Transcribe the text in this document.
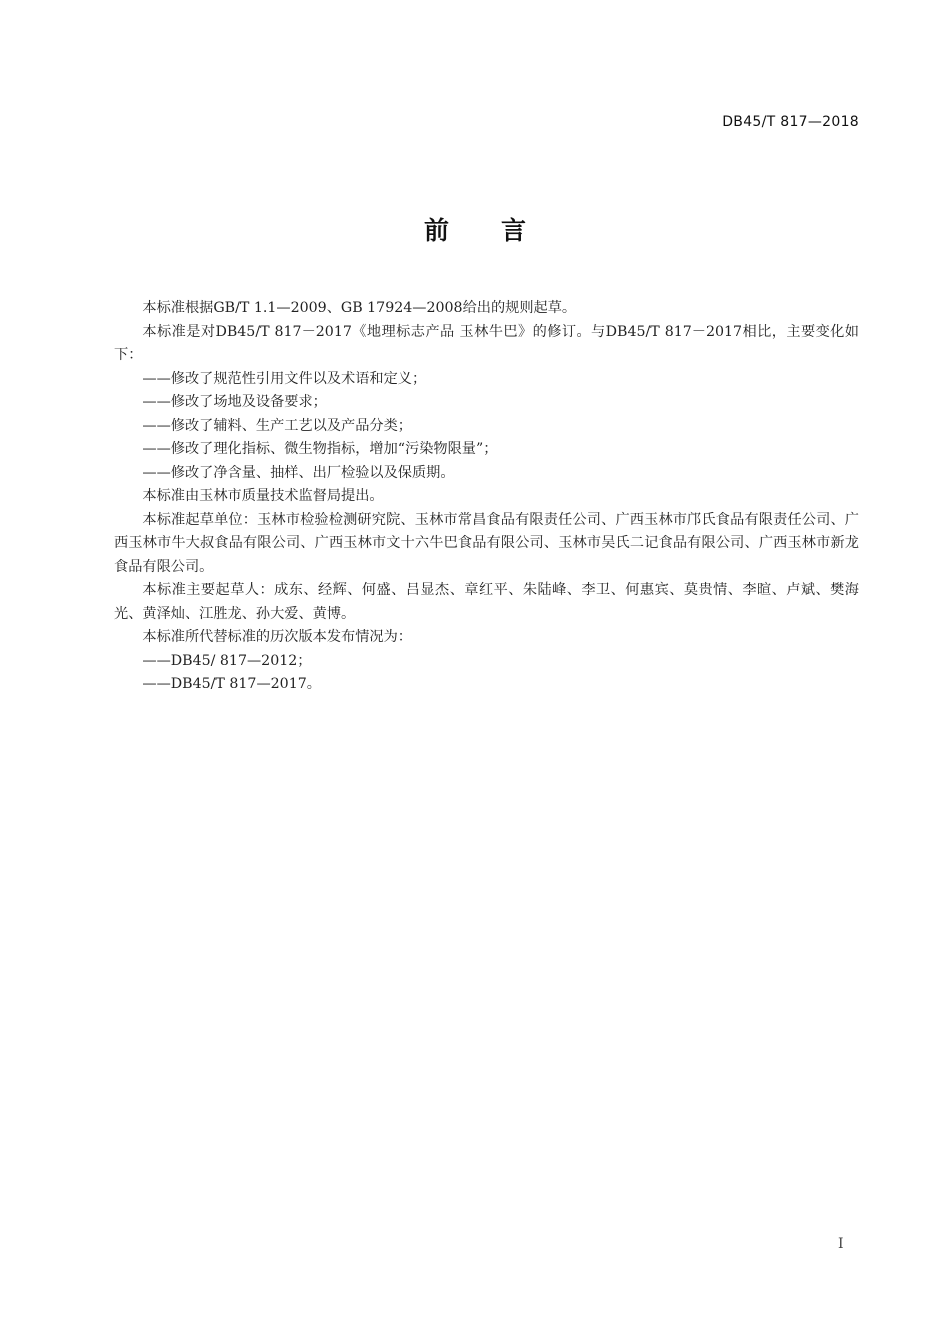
DB45/T 817—2018
前 言

本标准根据GB/T 1.1—2009、GB 17924—2008给出的规则起草。

本标准是对DB45/T 817－2017《地理标志产品 玉林牛巴》的修订。与DB45/T 817－2017相比，主要变化如下：

——修改了规范性引用文件以及术语和定义；

——修改了场地及设备要求；

——修改了辅料、生产工艺以及产品分类；

——修改了理化指标、微生物指标，增加“污染物限量”；

——修改了净含量、抽样、出厂检验以及保质期。

本标准由玉林市质量技术监督局提出。

本标准起草单位：玉林市检验检测研究院、玉林市常昌食品有限责任公司、广西玉林市邝氏食品有限责任公司、广西玉林市牛大叔食品有限公司、广西玉林市文十六牛巴食品有限公司、玉林市吴氏二记食品有限公司、广西玉林市新龙食品有限公司。

本标准主要起草人：成东、经辉、何盛、吕显杰、章红平、朱陆峰、李卫、何惠宾、莫贵情、李暄、卢斌、樊海光、黄泽灿、江胜龙、孙大爱、黄博。

本标准所代替标准的历次版本发布情况为：

——DB45/ 817—2012；

——DB45/T 817—2017。

I
